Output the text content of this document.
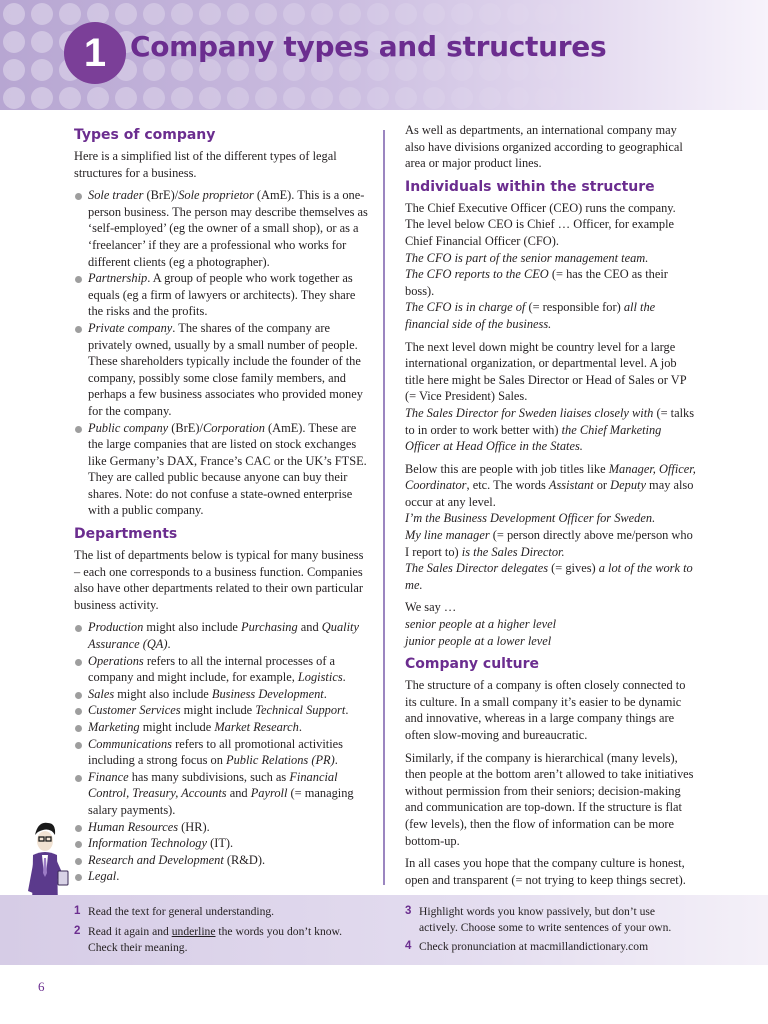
1 Company types and structures
Types of company

Here is a simplified list of the different types of legal structures for a business.

Sole trader (BrE)/Sole proprietor (AmE). This is a one-person business. The person may describe themselves as ‘self-employed’ (eg the owner of a small shop), or as a ‘freelancer’ if they are a professional who works for different clients (eg a photographer).
Partnership. A group of people who work together as equals (eg a firm of lawyers or architects). They share the risks and the profits.
Private company. The shares of the company are privately owned, usually by a small number of people. These shareholders typically include the founder of the company, possibly some close family members, and perhaps a few business associates who provided money for the company.
Public company (BrE)/Corporation (AmE). These are the large companies that are listed on stock exchanges like Germany’s DAX, France’s CAC or the UK’s FTSE. They are called public because anyone can buy their shares. Note: do not confuse a state-owned enterprise with a public company.
Departments

The list of departments below is typical for many business – each one corresponds to a business function. Companies also have other departments related to their own particular business activity.

Production might also include Purchasing and Quality Assurance (QA).
Operations refers to all the internal processes of a company and might include, for example, Logistics.
Sales might also include Business Development.
Customer Services might include Technical Support.
Marketing might include Market Research.
Communications refers to all promotional activities including a strong focus on Public Relations (PR).
Finance has many subdivisions, such as Financial Control, Treasury, Accounts and Payroll (= managing salary payments).
Human Resources (HR).
Information Technology (IT).
Research and Development (R&D).
Legal.

As well as departments, an international company may also have divisions organized according to geographical area or major product lines.

Individuals within the structure

The Chief Executive Officer (CEO) runs the company. The level below CEO is Chief … Officer, for example Chief Financial Officer (CFO).

The CFO is part of the senior management team.

The CFO reports to the CEO (= has the CEO as their boss).

The CFO is in charge of (= responsible for) all the financial side of the business.

The next level down might be country level for a large international organization, or departmental level. A job title here might be Sales Director or Head of Sales or VP (= Vice President) Sales.

The Sales Director for Sweden liaises closely with (= talks to in order to work better with) the Chief Marketing Officer at Head Office in the States.

Below this are people with job titles like Manager, Officer, Coordinator, etc. The words Assistant or Deputy may also occur at any level.

I’m the Business Development Officer for Sweden.

My line manager (= person directly above me/person who I report to) is the Sales Director.

The Sales Director delegates (= gives) a lot of the work to me.

We say …

senior people at a higher level

junior people at a lower level

Company culture

The structure of a company is often closely connected to its culture. In a small company it’s easier to be dynamic and innovative, whereas in a large company things are often slow-moving and bureaucratic.

Similarly, if the company is hierarchical (many levels), then people at the bottom aren’t allowed to take initiatives without permission from their seniors; decision-making and communication are top-down. If the structure is flat (few levels), then the flow of information can be more bottom-up.

In all cases you hope that the company culture is honest, open and transparent (= not trying to keep things secret).

1 Read the text for general understanding.
2 Read it again and underline the words you don’t know. Check their meaning.
3 Highlight words you know passively, but don’t use actively. Choose some to write sentences of your own.
4 Check pronunciation at macmillandictionary.com
6
